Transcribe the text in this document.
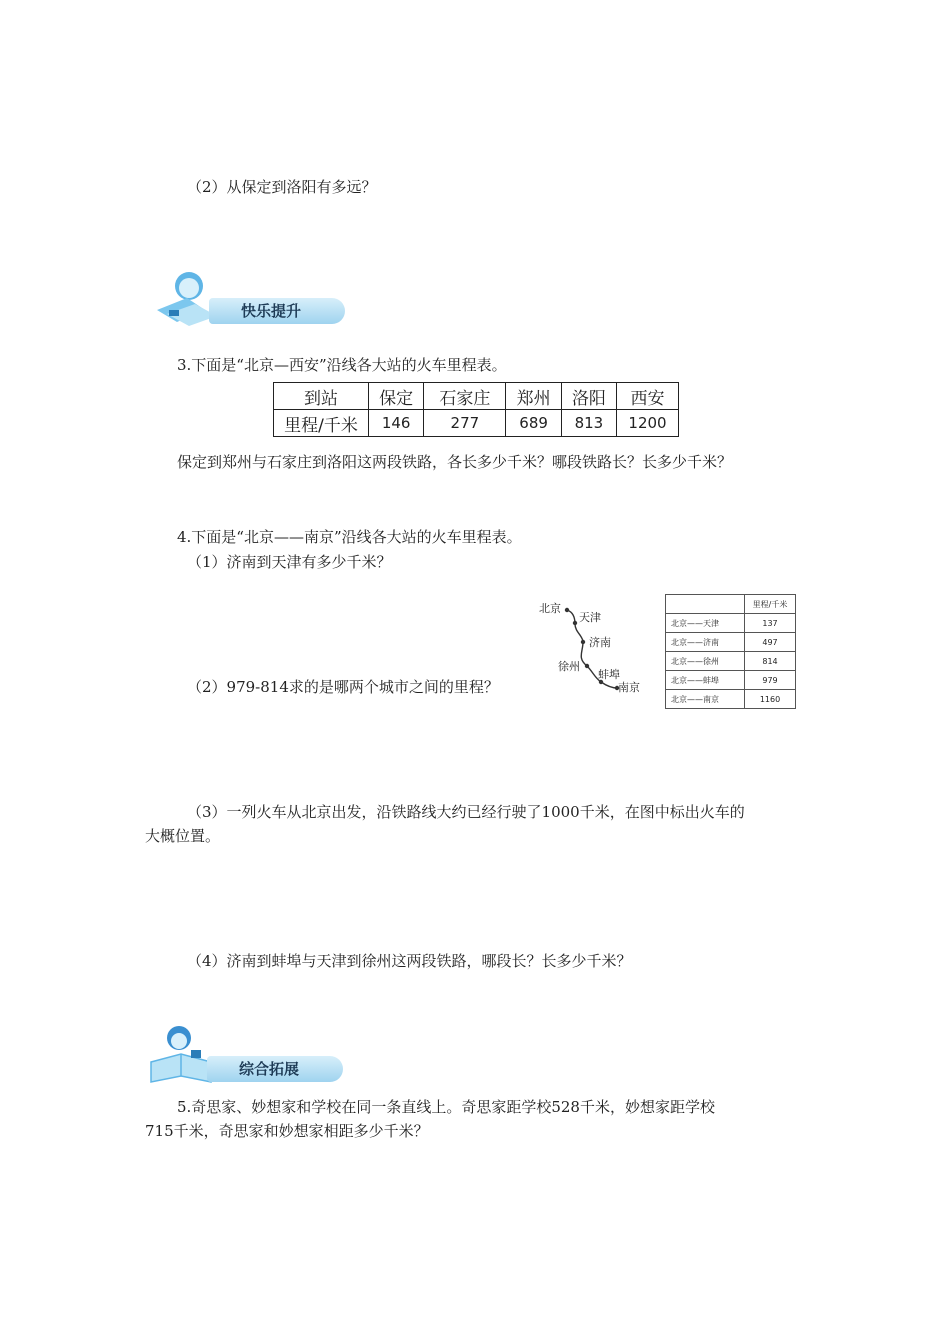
（2）从保定到洛阳有多远？
快乐提升
3.下面是“北京—西安”沿线各大站的火车里程表。
到站	保定	石家庄	郑州	洛阳	西安
里程/千米	146	277	689	813	1200
保定到郑州与石家庄到洛阳这两段铁路，各长多少千米？哪段铁路长？长多少千米？
4.下面是“北京——南京”沿线各大站的火车里程表。
（1）济南到天津有多少千米？
北京
天津
济南
徐州
蚌埠
南京
	里程/千米
北京——天津	137
北京——济南	497
北京——徐州	814
北京——蚌埠	979
北京——南京	1160
（2）979-814求的是哪两个城市之间的里程？
（3）一列火车从北京出发，沿铁路线大约已经行驶了1000千米，在图中标出火车的
大概位置。
（4）济南到蚌埠与天津到徐州这两段铁路，哪段长？长多少千米？
综合拓展
5.奇思家、妙想家和学校在同一条直线上。奇思家距学校528千米，妙想家距学校
715千米，奇思家和妙想家相距多少千米？
